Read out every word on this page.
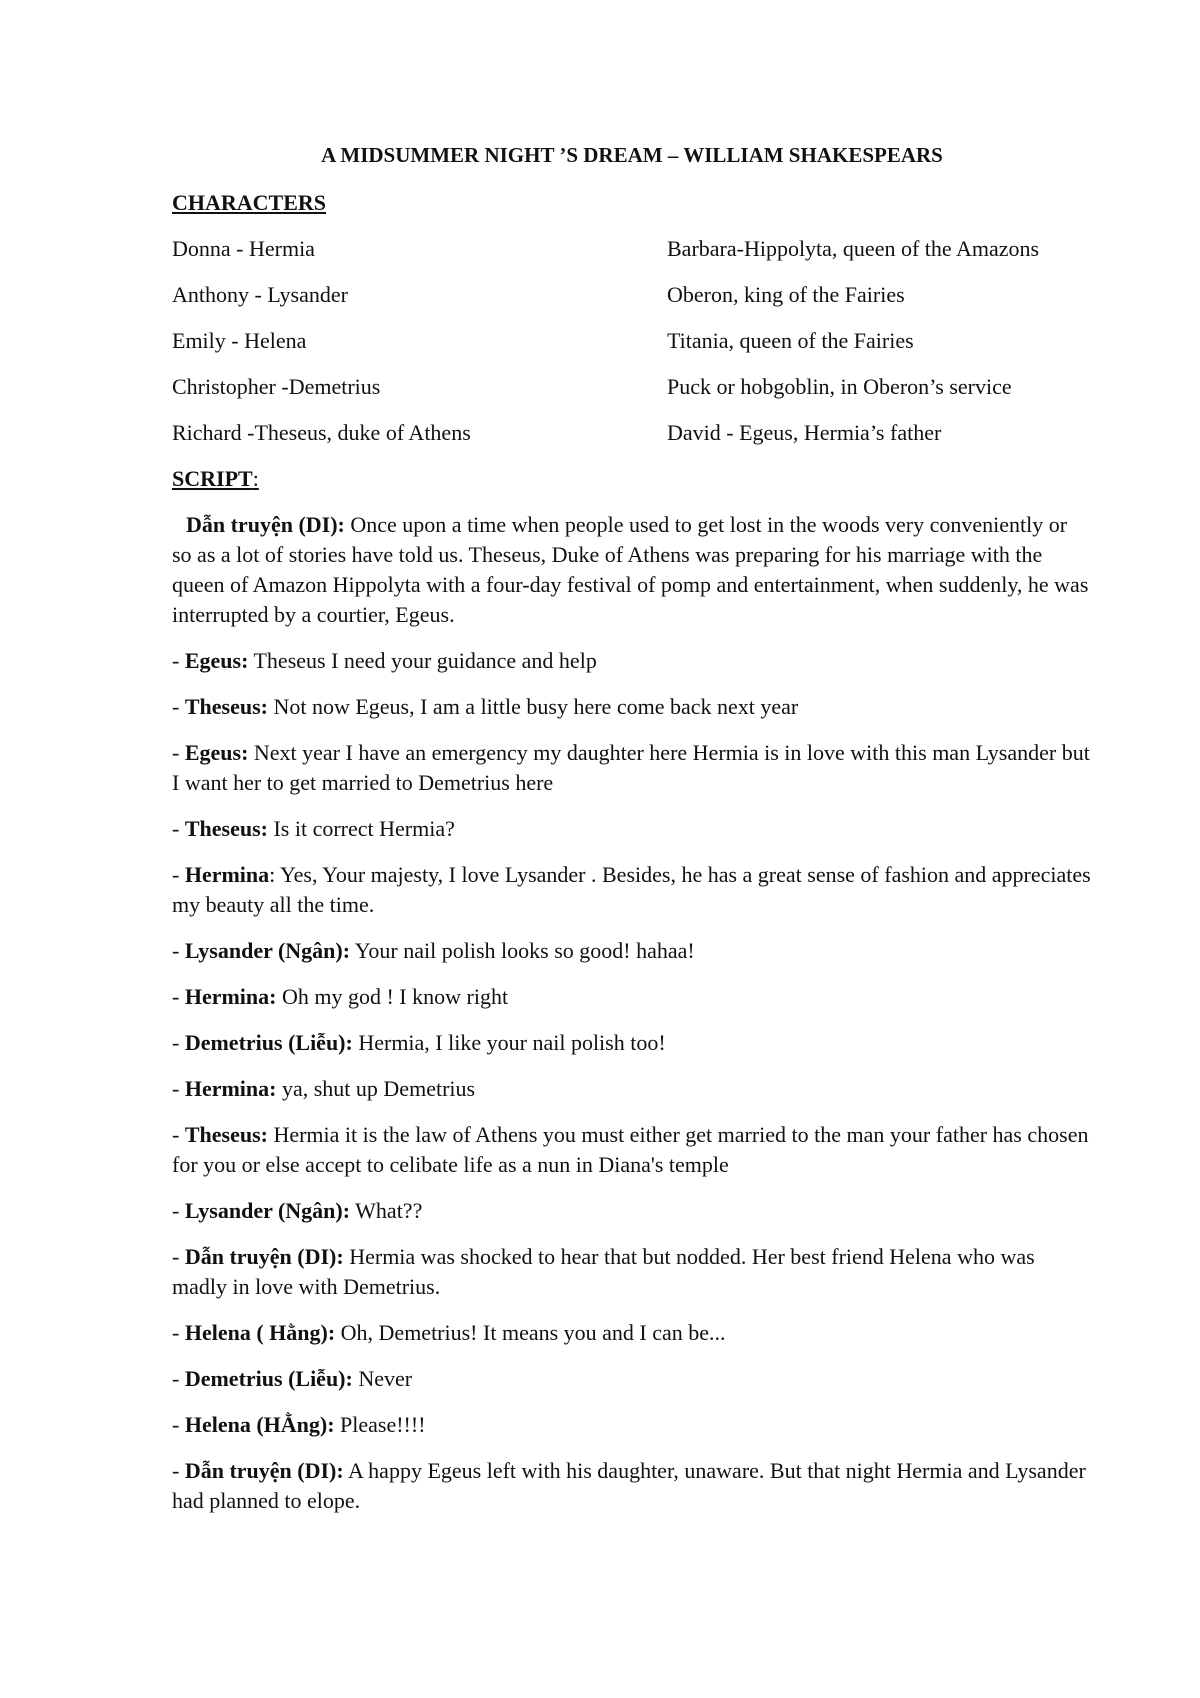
A MIDSUMMER NIGHT ’S DREAM – WILLIAM SHAKESPEARS
CHARACTERS
Donna - Hermia	Barbara-Hippolyta, queen of the Amazons
Anthony - Lysander	Oberon, king of the Fairies
Emily - Helena	Titania, queen of the Fairies
Christopher -Demetrius	Puck or hobgoblin, in Oberon’s service
Richard -Theseus, duke of Athens	David - Egeus, Hermia’s father
SCRIPT:
Dẫn truyện (DI): Once upon a time when people used to get lost in the woods very conveniently or so as a lot of stories have told us. Theseus, Duke of Athens was preparing for his marriage with the queen of Amazon Hippolyta with a four-day festival of pomp and entertainment, when suddenly, he was interrupted by a courtier, Egeus.
- Egeus: Theseus I need your guidance and help
- Theseus: Not now Egeus, I am a little busy here come back next year
- Egeus: Next year I have an emergency my daughter here Hermia is in love with this man Lysander but I want her to get married to Demetrius here
- Theseus: Is it correct Hermia?
- Hermina: Yes, Your majesty, I love Lysander . Besides, he has a great sense of fashion and appreciates my beauty all the time.
- Lysander (Ngân): Your nail polish looks so good! hahaa!
- Hermina: Oh my god ! I know right
- Demetrius (Liễu): Hermia, I like your nail polish too!
- Hermina: ya, shut up Demetrius
- Theseus: Hermia it is the law of Athens you must either get married to the man your father has chosen for you or else accept to celibate life as a nun in Diana's temple
- Lysander (Ngân): What??
- Dẫn truyện (DI): Hermia was shocked to hear that but nodded. Her best friend Helena who was madly in love with Demetrius.
- Helena ( Hằng): Oh, Demetrius! It means you and I can be...
- Demetrius (Liễu): Never
- Helena (HẰng): Please!!!!
- Dẫn truyện (DI): A happy Egeus left with his daughter, unaware. But that night Hermia and Lysander had planned to elope.
